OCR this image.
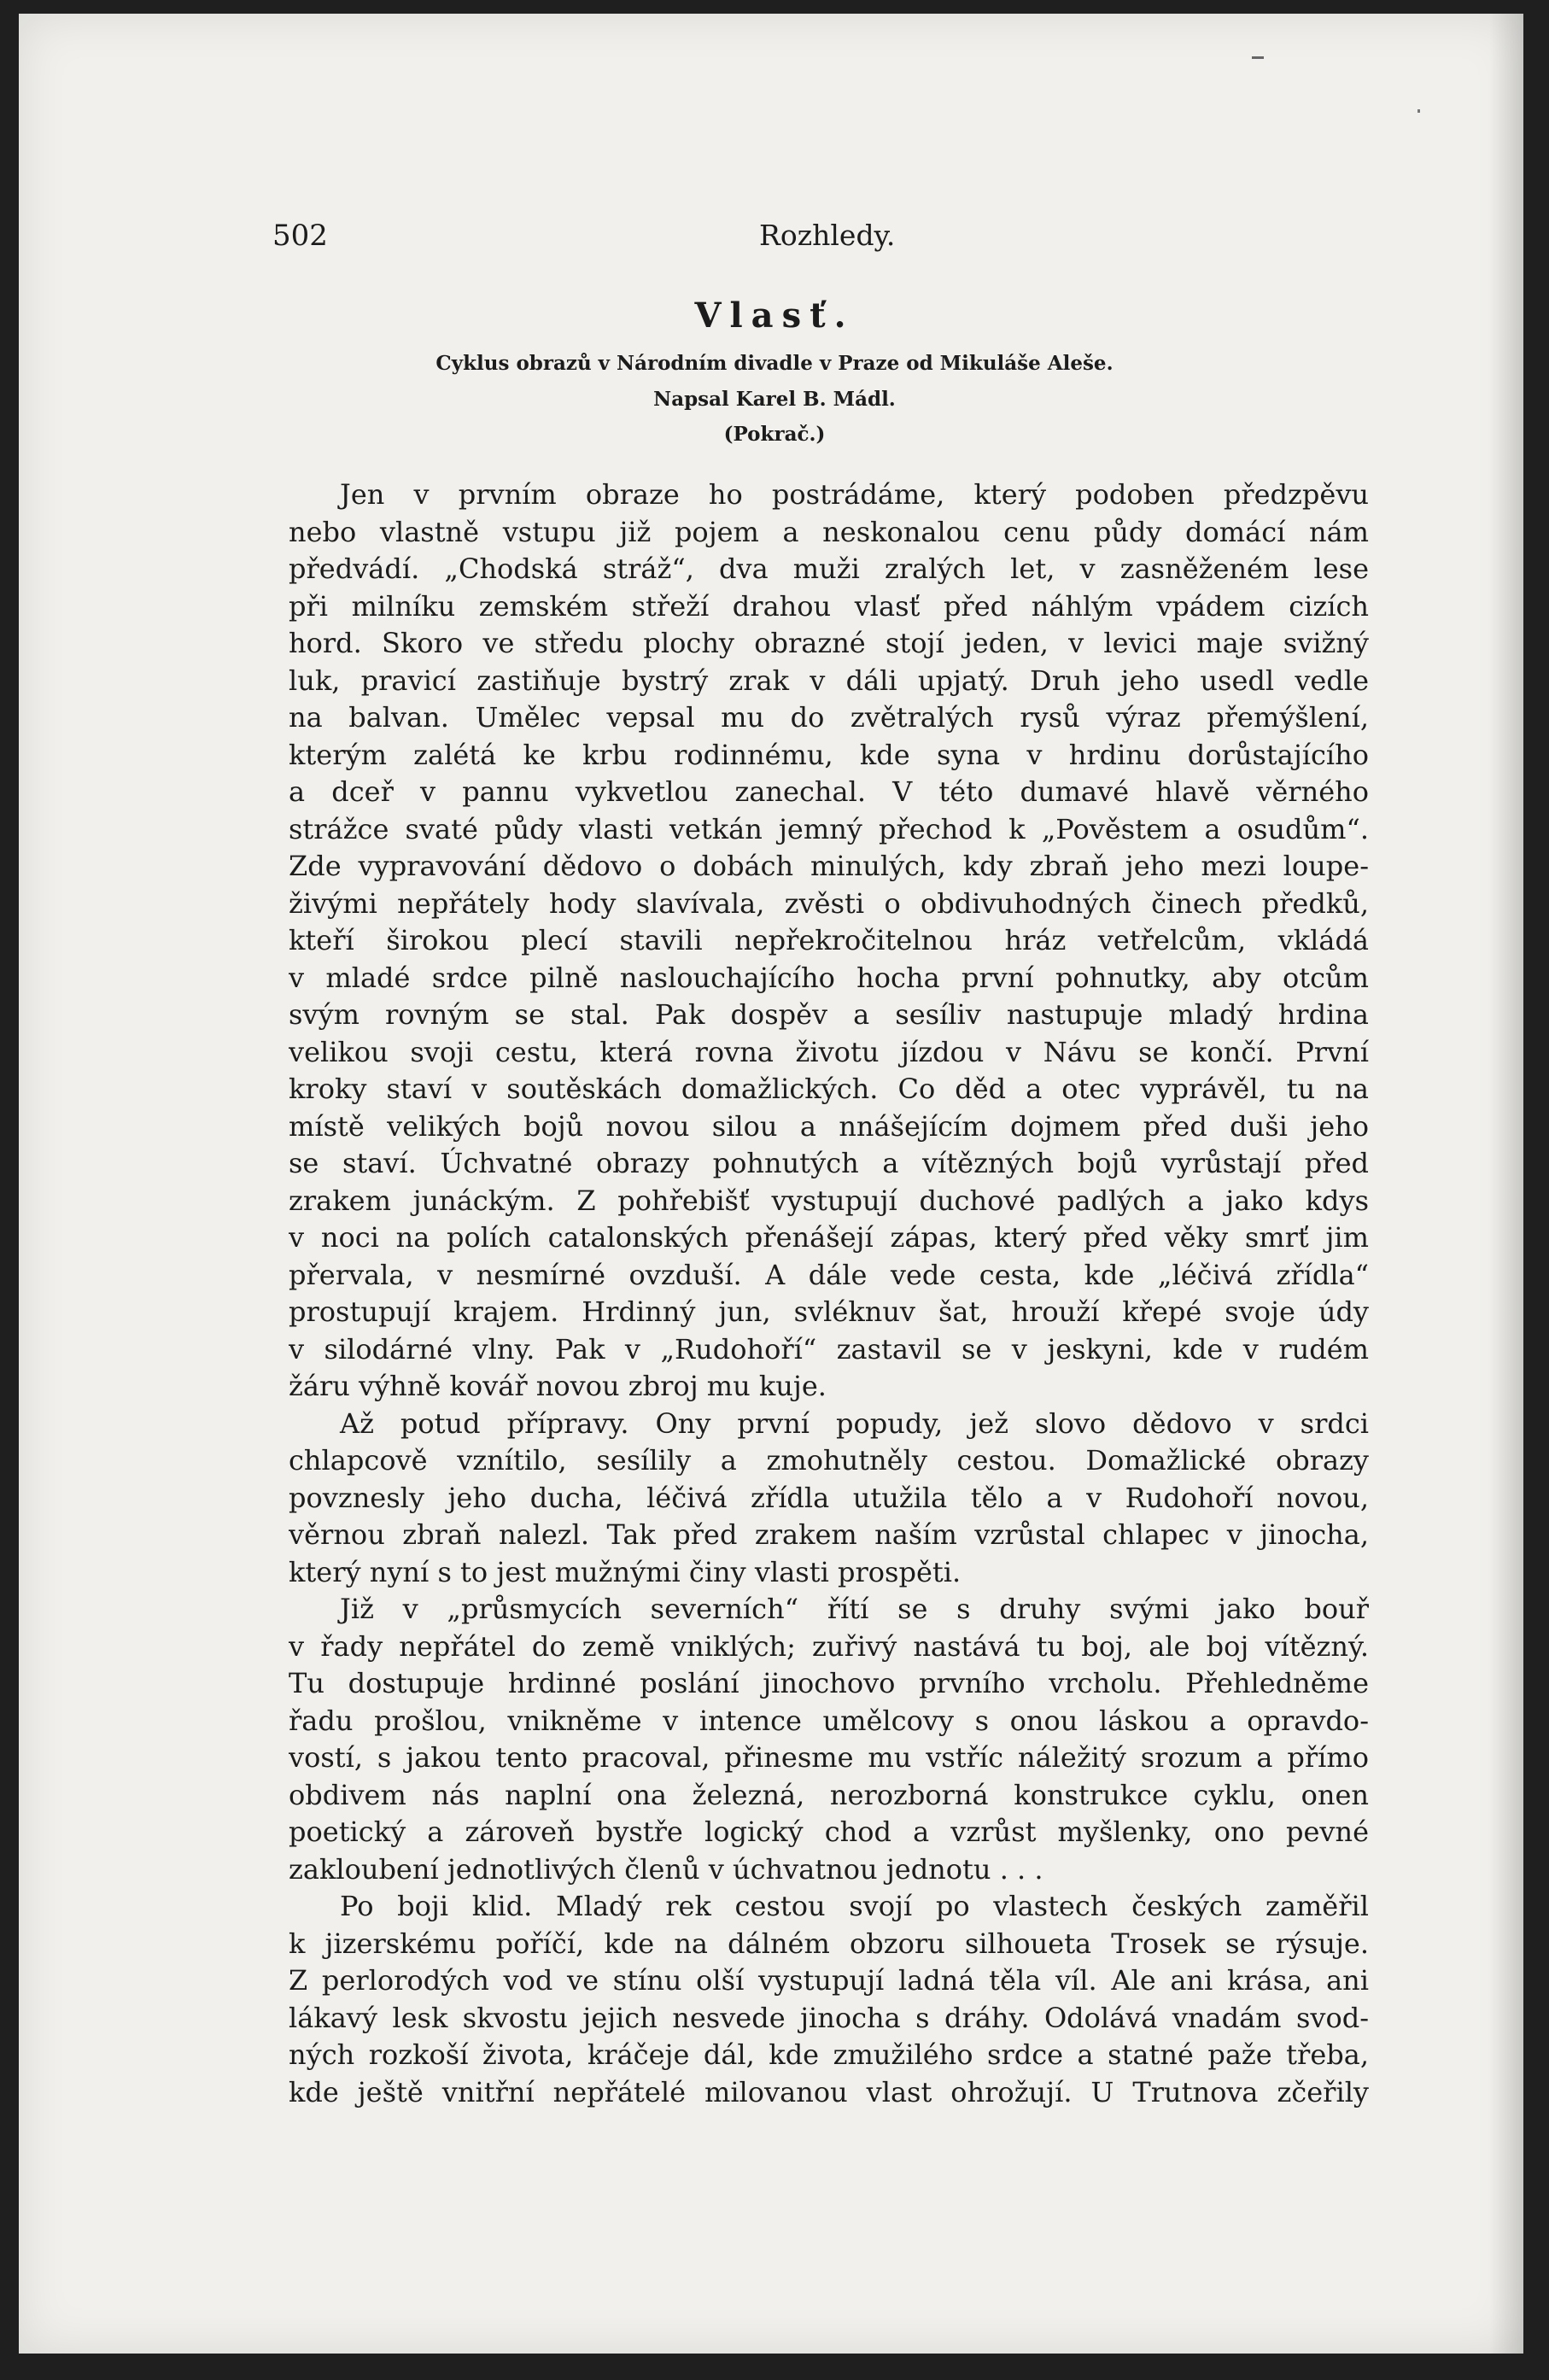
502	Rozhledy.
Vlasť.
Cyklus obrazů v Národním divadle v Praze od Mikuláše Aleše.
Napsal Karel B. Mádl.
(Pokrač.)
Jen v prvním obraze ho postrádáme, který podoben předzpěvu
nebo vlastně vstupu již pojem a neskonalou cenu půdy domácí nám
předvádí. „Chodská stráž“, dva muži zralých let, v zasněženém lese
při milníku zemském střeží drahou vlasť před náhlým vpádem cizích
hord. Skoro ve středu plochy obrazné stojí jeden, v levici maje svižný
luk, pravicí zastiňuje bystrý zrak v dáli upjatý. Druh jeho usedl vedle
na balvan. Umělec vepsal mu do zvětralých rysů výraz přemýšlení,
kterým zalétá ke krbu rodinnému, kde syna v hrdinu dorůstajícího
a dceř v pannu vykvetlou zanechal. V této dumavé hlavě věrného
strážce svaté půdy vlasti vetkán jemný přechod k „Pověstem a osudům“.
Zde vypravování dědovo o dobách minulých, kdy zbraň jeho mezi loupe-
živými nepřátely hody slavívala, zvěsti o obdivuhodných činech předků,
kteří širokou plecí stavili nepřekročitelnou hráz vetřelcům, vkládá
v mladé srdce pilně naslouchajícího hocha první pohnutky, aby otcům
svým rovným se stal. Pak dospěv a sesíliv nastupuje mladý hrdina
velikou svoji cestu, která rovna životu jízdou v Návu se končí. První
kroky staví v soutěskách domažlických. Co děd a otec vyprávěl, tu na
místě velikých bojů novou silou a nnášejícím dojmem před duši jeho
se staví. Úchvatné obrazy pohnutých a vítězných bojů vyrůstají před
zrakem junáckým. Z pohřebišť vystupují duchové padlých a jako kdys
v noci na polích catalonských přenášejí zápas, který před věky smrť jim
přervala, v nesmírné ovzduší. A dále vede cesta, kde „léčivá zřídla“
prostupují krajem. Hrdinný jun, svléknuv šat, hrouží křepé svoje údy
v silodárné vlny. Pak v „Rudohoří“ zastavil se v jeskyni, kde v rudém
žáru výhně kovář novou zbroj mu kuje.
Až potud přípravy. Ony první popudy, jež slovo dědovo v srdci
chlapcově vznítilo, sesílily a zmohutněly cestou. Domažlické obrazy
povznesly jeho ducha, léčivá zřídla utužila tělo a v Rudohoří novou,
věrnou zbraň nalezl. Tak před zrakem naším vzrůstal chlapec v jinocha,
který nyní s to jest mužnými činy vlasti prospěti.
Již v „průsmycích severních“ řítí se s druhy svými jako bouř
v řady nepřátel do země vniklých; zuřivý nastává tu boj, ale boj vítězný.
Tu dostupuje hrdinné poslání jinochovo prvního vrcholu. Přehledněme
řadu prošlou, vnikněme v intence umělcovy s onou láskou a opravdo-
vostí, s jakou tento pracoval, přinesme mu vstříc náležitý srozum a přímo
obdivem nás naplní ona železná, nerozborná konstrukce cyklu, onen
poetický a zároveň bystře logický chod a vzrůst myšlenky, ono pevné
zakloubení jednotlivých členů v úchvatnou jednotu . . .
Po boji klid. Mladý rek cestou svojí po vlastech českých zaměřil
k jizerskému poříčí, kde na dálném obzoru silhoueta Trosek se rýsuje.
Z perlorodých vod ve stínu olší vystupují ladná těla víl. Ale ani krása, ani
lákavý lesk skvostu jejich nesvede jinocha s dráhy. Odolává vnadám svod-
ných rozkoší života, kráčeje dál, kde zmužilého srdce a statné paže třeba,
kde ještě vnitřní nepřátelé milovanou vlast ohrožují. U Trutnova zčeřily
